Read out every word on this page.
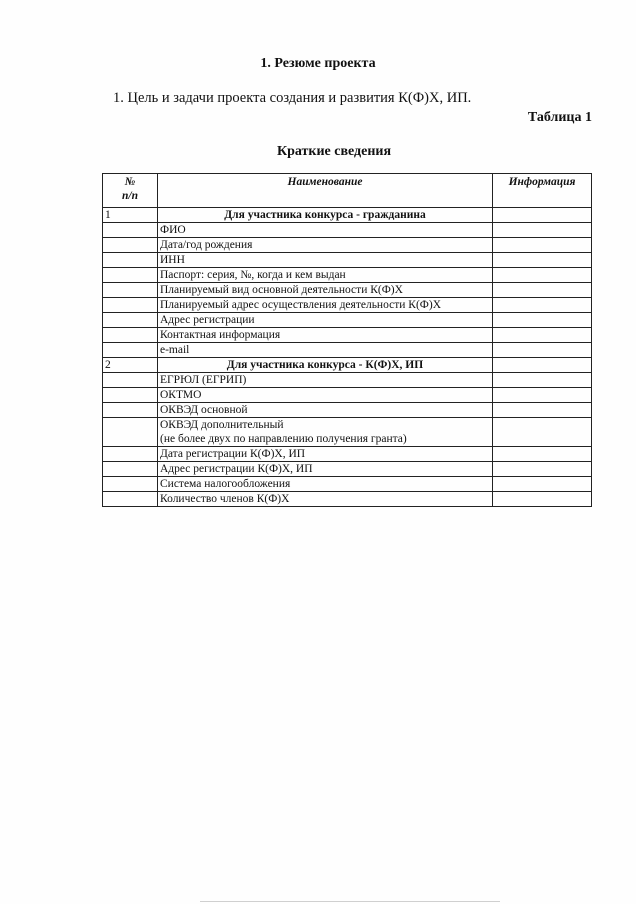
1. Резюме проекта
1. Цель и задачи проекта создания и развития К(Ф)Х, ИП.
Таблица 1
Краткие сведения
№
п/п	Наименование	Информация
1	Для участника конкурса - гражданина	

	ФИО	

	Дата/год рождения	

	ИНН	

	Паспорт: серия, №, когда и кем выдан	

	Планируемый вид основной деятельности К(Ф)Х	

	Планируемый адрес осуществления деятельности К(Ф)Х	

	Адрес регистрации	

	Контактная информация	

	e-mail	

2	Для участника конкурса - К(Ф)Х, ИП	

	ЕГРЮЛ (ЕГРИП)	

	ОКТМО	

	ОКВЭД основной	

	ОКВЭД дополнительный
(не более двух по направлению получения гранта)	

	Дата регистрации К(Ф)Х, ИП	

	Адрес регистрации К(Ф)Х, ИП	

	Система налогообложения	

	Количество членов К(Ф)Х	
